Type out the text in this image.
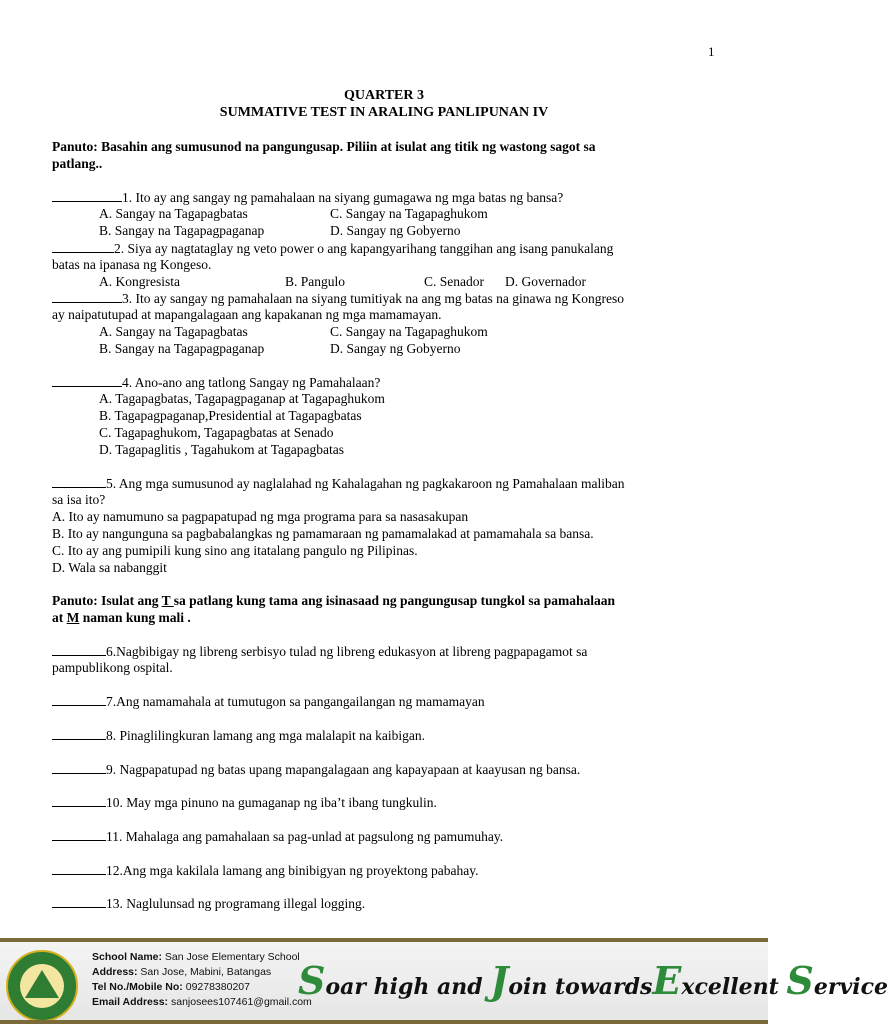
1
QUARTER 3
SUMMATIVE TEST IN ARALING PANLIPUNAN IV
Panuto: Basahin ang sumusunod na pangungusap. Piliin at isulat ang titik ng wastong sagot sa
patlang..
1. Ito ay ang sangay ng pamahalaan na siyang gumagawa ng mga batas ng bansa?
A. Sangay na Tagapagbatas	C. Sangay na Tagapaghukom
B. Sangay na Tagapagpaganap	D. Sangay ng Gobyerno
2. Siya ay nagtataglay ng veto power o ang kapangyarihang tanggihan ang isang panukalang
batas na ipanasa ng Kongeso.
A. Kongresista	B. Pangulo	C. Senador D. Governador
3. Ito ay sangay ng pamahalaan na siyang tumitiyak na ang mg batas na ginawa ng Kongreso
ay naipatutupad at mapangalagaan ang kapakanan ng mga mamamayan.
A. Sangay na Tagapagbatas	C. Sangay na Tagapaghukom
B. Sangay na Tagapagpaganap	D. Sangay ng Gobyerno
4. Ano-ano ang tatlong Sangay ng Pamahalaan?
A. Tagapagbatas, Tagapagpaganap at Tagapaghukom
B. Tagapagpaganap,Presidential at Tagapagbatas
C. Tagapaghukom, Tagapagbatas at Senado
D. Tagapaglitis , Tagahukom at Tagapagbatas
5. Ang mga sumusunod ay naglalahad ng Kahalagahan ng pagkakaroon ng Pamahalaan maliban
sa isa ito?
A. Ito ay namumuno sa pagpapatupad ng mga programa para sa nasasakupan
B. Ito ay nangunguna sa pagbabalangkas ng pamamaraan ng pamamalakad at pamamahala sa bansa.
C. Ito ay ang pumipili kung sino ang itatalang pangulo ng Pilipinas.
D. Wala sa nabanggit
Panuto: Isulat ang T sa patlang kung tama ang isinasaad ng pangungusap tungkol sa pamahalaan
at M naman kung mali .
6.Nagbibigay ng libreng serbisyo tulad ng libreng edukasyon at libreng pagpapagamot sa
pampublikong ospital.
7.Ang namamahala at tumutugon sa pangangailangan ng mamamayan
8. Pinaglilingkuran lamang ang mga malalapit na kaibigan.
9. Nagpapatupad ng batas upang mapangalagaan ang kapayapaan at kaayusan ng bansa.
10. May mga pinuno na gumaganap ng iba’t ibang tungkulin.
11. Mahalaga ang pamahalaan sa pag-unlad at pagsulong ng pamumuhay.
12.Ang mga kakilala lamang ang binibigyan ng proyektong pabahay.
13. Naglulunsad ng programang illegal logging.
School Name: San Jose Elementary School
Address: San Jose, Mabini, Batangas
Tel No./Mobile No: 09278380207
Email Address: sanjosees107461@gmail.com
Soar high and Join towardsExcellent Service
